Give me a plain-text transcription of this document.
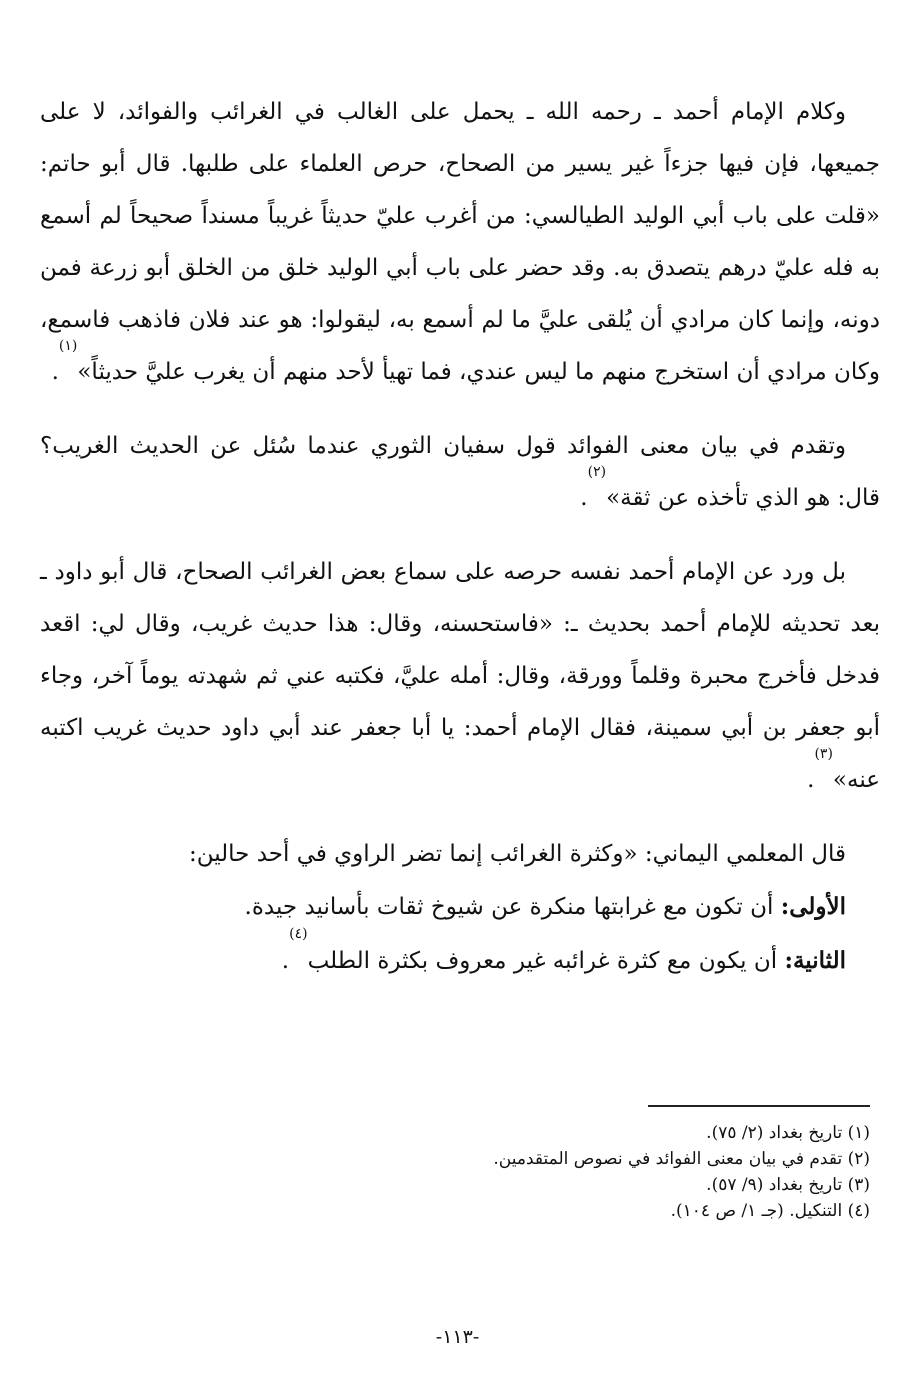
وكلام الإمام أحمد ـ رحمه الله ـ يحمل على الغالب في الغرائب والفوائد، لا على جميعها، فإن فيها جزءاً غير يسير من الصحاح، حرص العلماء على طلبها. قال أبو حاتم: «قلت على باب أبي الوليد الطيالسي: من أغرب عليّ حديثاً غريباً مسنداً صحيحاً لم أسمع به فله عليّ درهم يتصدق به. وقد حضر على باب أبي الوليد خلق من الخلق أبو زرعة فمن دونه، وإنما كان مرادي أن يُلقى عليَّ ما لم أسمع به، ليقولوا: هو عند فلان فاذهب فاسمع، وكان مرادي أن استخرج منهم ما ليس عندي، فما تهيأ لأحد منهم أن يغرب عليَّ حديثاً»$^{(١)}$.

وتقدم في بيان معنى الفوائد قول سفيان الثوري عندما سُئل عن الحديث الغريب؟ قال: هو الذي تأخذه عن ثقة»$^{(٢)}$.

بل ورد عن الإمام أحمد نفسه حرصه على سماع بعض الغرائب الصحاح، قال أبو داود ـ بعد تحديثه للإمام أحمد بحديث ـ: «فاستحسنه، وقال: هذا حديث غريب، وقال لي: اقعد فدخل فأخرج محبرة وقلماً وورقة، وقال: أمله عليَّ، فكتبه عني ثم شهدته يوماً آخر، وجاء أبو جعفر بن أبي سمينة، فقال الإمام أحمد: يا أبا جعفر عند أبي داود حديث غريب اكتبه عنه»$^{(٣)}$.

قال المعلمي اليماني: «وكثرة الغرائب إنما تضر الراوي في أحد حالين:

الأولى: أن تكون مع غرابتها منكرة عن شيوخ ثقات بأسانيد جيدة.

الثانية: أن يكون مع كثرة غرائبه غير معروف بكثرة الطلب$^{(٤)}$.

(١) تاريخ بغداد (٢/ ٧٥).

(٢) تقدم في بيان معنى الفوائد في نصوص المتقدمين.

(٣) تاريخ بغداد (٩/ ٥٧).

(٤) التنكيل. (جـ ١/ ص ١٠٤).

-١١٣-
